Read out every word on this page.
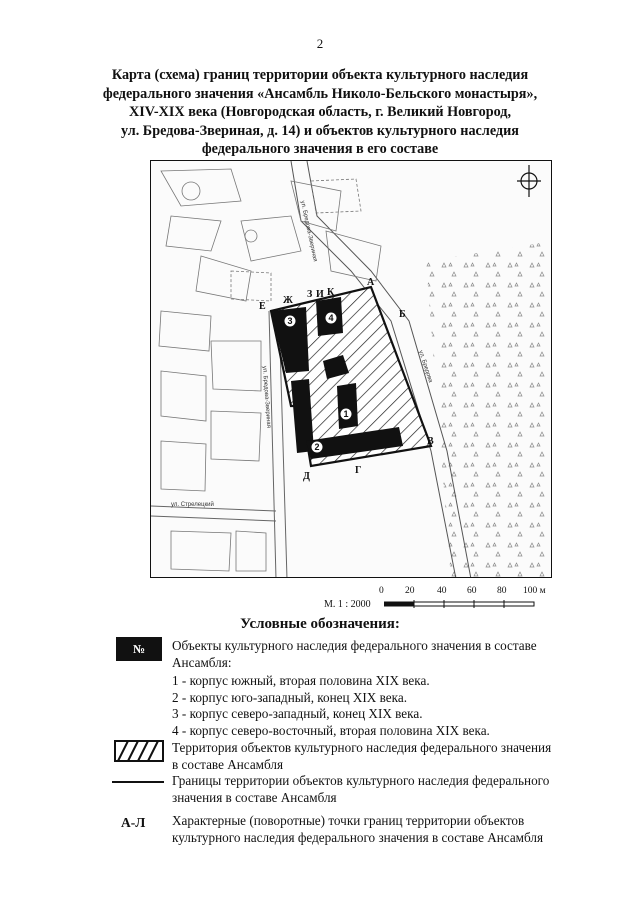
2
Карта (схема) границ территории объекта культурного наследия
федерального значения «Ансамбль Николо-Бельского монастыря»,
XIV-XIX века (Новгородская область, г. Великий Новгород,
ул. Бредова-Звериная, д. 14) и объектов культурного наследия
федерального значения в его составе
3	4
1
2
А
Б
В
Г
Д
Е
Ж
З И К
ул. Бредова-Звериная
ул. Бредова-Звериная
ул. Стрелецкий
ул. Бредова
0 20 40 60 80 100 м
М. 1 : 2000
Условные обозначения:
№	Объекты культурного наследия федерального значения в составе
Ансамбля:
1 - корпус южный, вторая половина XIX века.
2 - корпус юго-западный, конец XIX века.
3 - корпус северо-западный, конец XIX века.
4 - корпус северо-восточный, вторая половина XIX века.
Территория объектов культурного наследия федерального значения
в составе Ансамбля
Границы территории объектов культурного наследия федерального
значения в составе Ансамбля
А-Л Характерные (поворотные) точки границ территории объектов
культурного наследия федерального значения в составе Ансамбля
